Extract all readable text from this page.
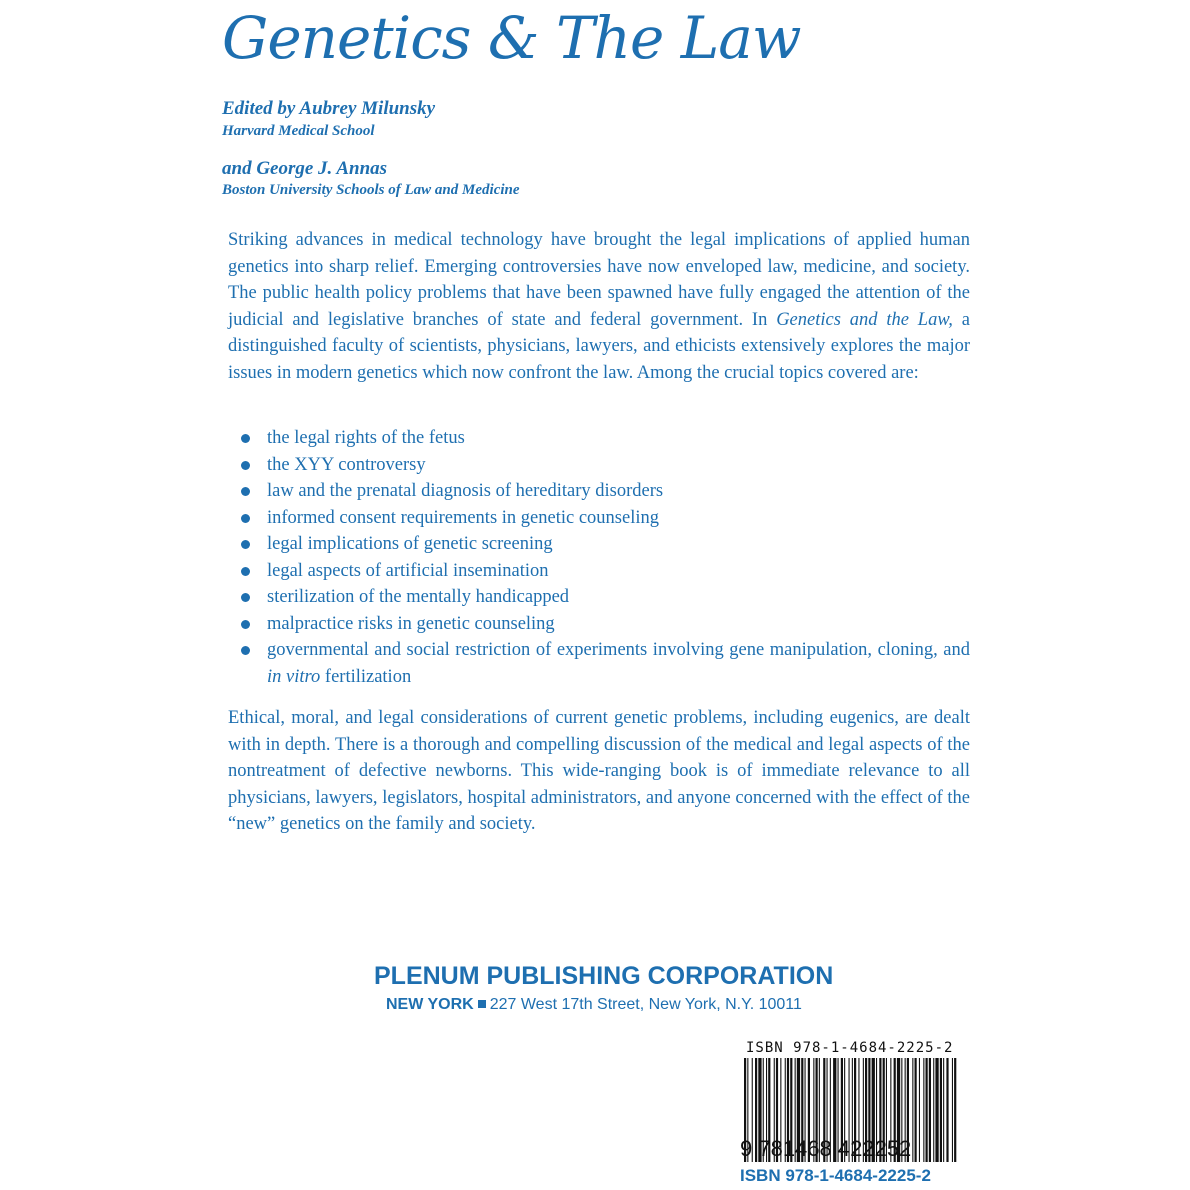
Genetics & The Law
Edited by Aubrey Milunsky
Harvard Medical School
and George J. Annas
Boston University Schools of Law and Medicine

Striking advances in medical technology have brought the legal implications of applied human genetics into sharp relief. Emerging controversies have now enveloped law, medicine, and society. The public health policy problems that have been spawned have fully engaged the attention of the judicial and legislative branches of state and federal government. In Genetics and the Law, a distinguished faculty of scientists, physicians, lawyers, and ethicists extensively explores the major issues in modern genetics which now confront the law. Among the crucial topics covered are:

the legal rights of the fetus
the XYY controversy
law and the prenatal diagnosis of hereditary disorders
informed consent requirements in genetic counseling
legal implications of genetic screening
legal aspects of artificial insemination
sterilization of the mentally handicapped
malpractice risks in genetic counseling
governmental and social restriction of experiments involving gene manipulation, cloning, and in vitro fertilization

Ethical, moral, and legal considerations of current genetic problems, including eugenics, are dealt with in depth. There is a thorough and compelling discussion of the medical and legal aspects of the nontreatment of defective newborns. This wide-ranging book is of immediate relevance to all physicians, lawyers, legislators, hospital administrators, and anyone concerned with the effect of the “new” genetics on the family and society.

PLENUM PUBLISHING CORPORATION
NEW YORK 227 West 17th Street, New York, N.Y. 10011
ISBN 978-1-4684-2225-2
9 781468 422252
ISBN 978-1-4684-2225-2
